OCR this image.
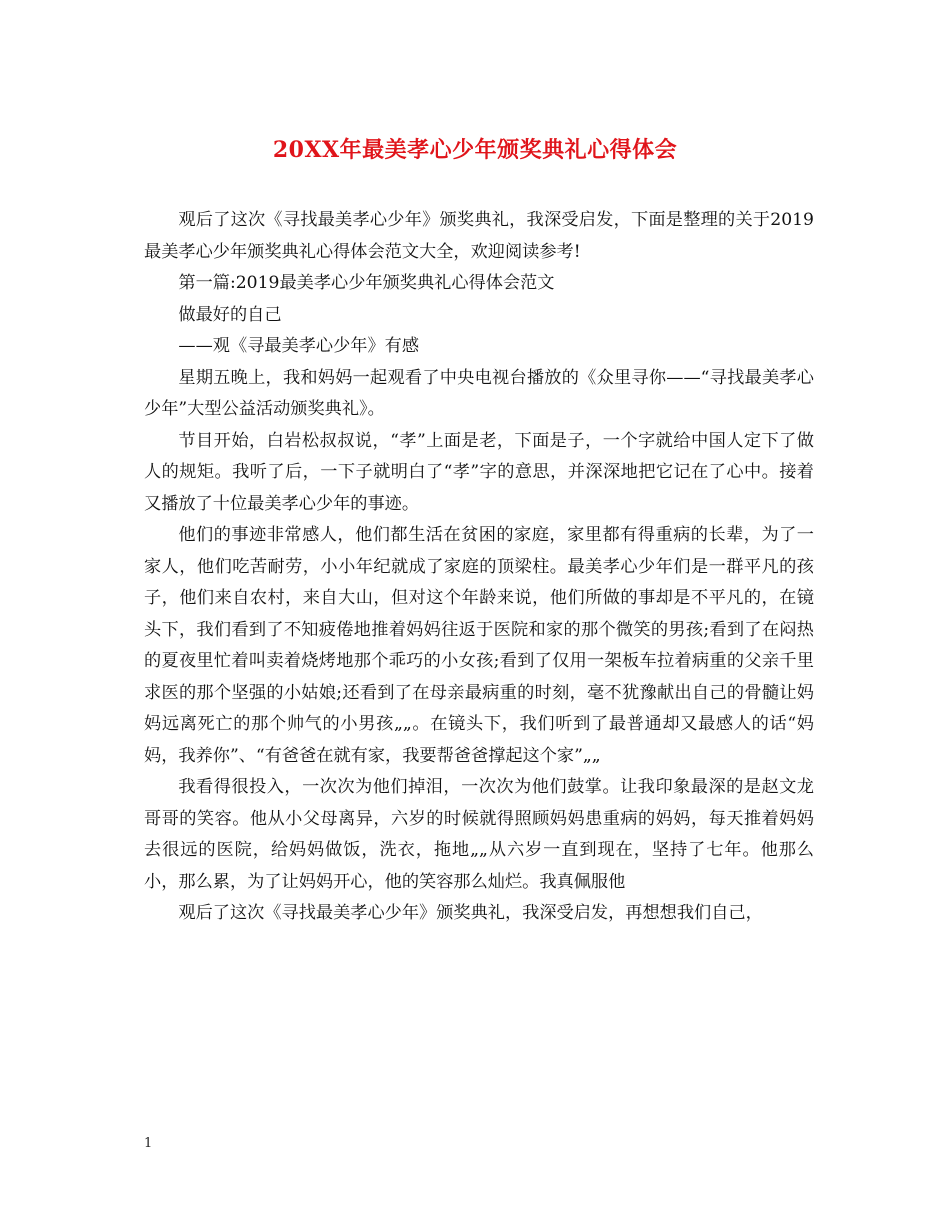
20XX年最美孝心少年颁奖典礼心得体会

观后了这次《寻找最美孝心少年》颁奖典礼，我深受启发，下面是整理的关于2019最美孝心少年颁奖典礼心得体会范文大全，欢迎阅读参考!

第一篇:2019最美孝心少年颁奖典礼心得体会范文

做最好的自己

——观《寻最美孝心少年》有感

星期五晚上，我和妈妈一起观看了中央电视台播放的《众里寻你——“寻找最美孝心少年”大型公益活动颁奖典礼》。

节目开始，白岩松叔叔说，“孝”上面是老，下面是子，一个字就给中国人定下了做人的规矩。我听了后，一下子就明白了“孝”字的意思，并深深地把它记在了心中。接着又播放了十位最美孝心少年的事迹。

他们的事迹非常感人，他们都生活在贫困的家庭，家里都有得重病的长辈，为了一家人，他们吃苦耐劳，小小年纪就成了家庭的顶梁柱。最美孝心少年们是一群平凡的孩子，他们来自农村，来自大山，但对这个年龄来说，他们所做的事却是不平凡的，在镜头下，我们看到了不知疲倦地推着妈妈往返于医院和家的那个微笑的男孩;看到了在闷热的夏夜里忙着叫卖着烧烤地那个乖巧的小女孩;看到了仅用一架板车拉着病重的父亲千里求医的那个坚强的小姑娘;还看到了在母亲最病重的时刻，毫不犹豫献出自己的骨髓让妈妈远离死亡的那个帅气的小男孩„„。在镜头下，我们听到了最普通却又最感人的话“妈妈，我养你”、“有爸爸在就有家，我要帮爸爸撑起这个家”„„

我看得很投入，一次次为他们掉泪，一次次为他们鼓掌。让我印象最深的是赵文龙哥哥的笑容。他从小父母离异，六岁的时候就得照顾妈妈患重病的妈妈，每天推着妈妈去很远的医院，给妈妈做饭，洗衣，拖地„„从六岁一直到现在，坚持了七年。他那么小，那么累，为了让妈妈开心，他的笑容那么灿烂。我真佩服他

观后了这次《寻找最美孝心少年》颁奖典礼，我深受启发，再想想我们自己，

1
